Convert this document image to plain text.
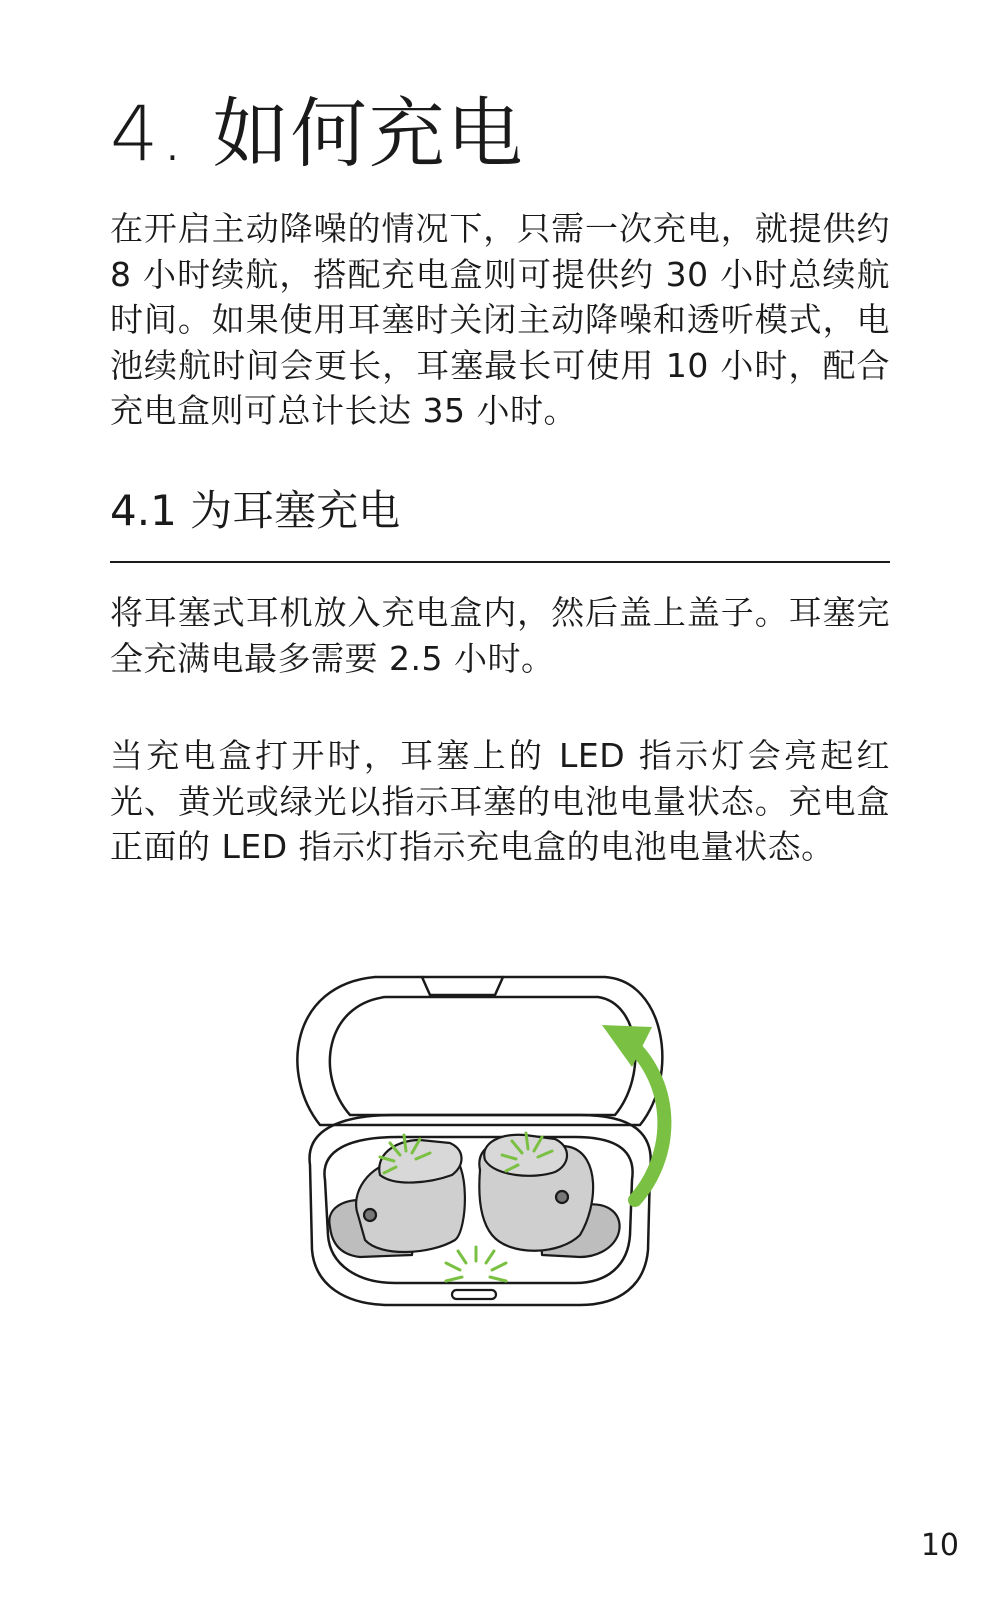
4. 如何充电

在开启主动降噪的情况下，只需一次充电，就提供约 8 小时续航，搭配充电盒则可提供约 30 小时总续航时间。如果使用耳塞时关闭主动降噪和透听模式，电池续航时间会更长，耳塞最长可使用 10 小时，配合充电盒则可总计长达 35 小时。

4.1 为耳塞充电

将耳塞式耳机放入充电盒内，然后盖上盖子。耳塞完全充满电最多需要 2.5 小时。

当充电盒打开时，耳塞上的 LED 指示灯会亮起红光、黄光或绿光以指示耳塞的电池电量状态。充电盒正面的 LED 指示灯指示充电盒的电池电量状态。

10
